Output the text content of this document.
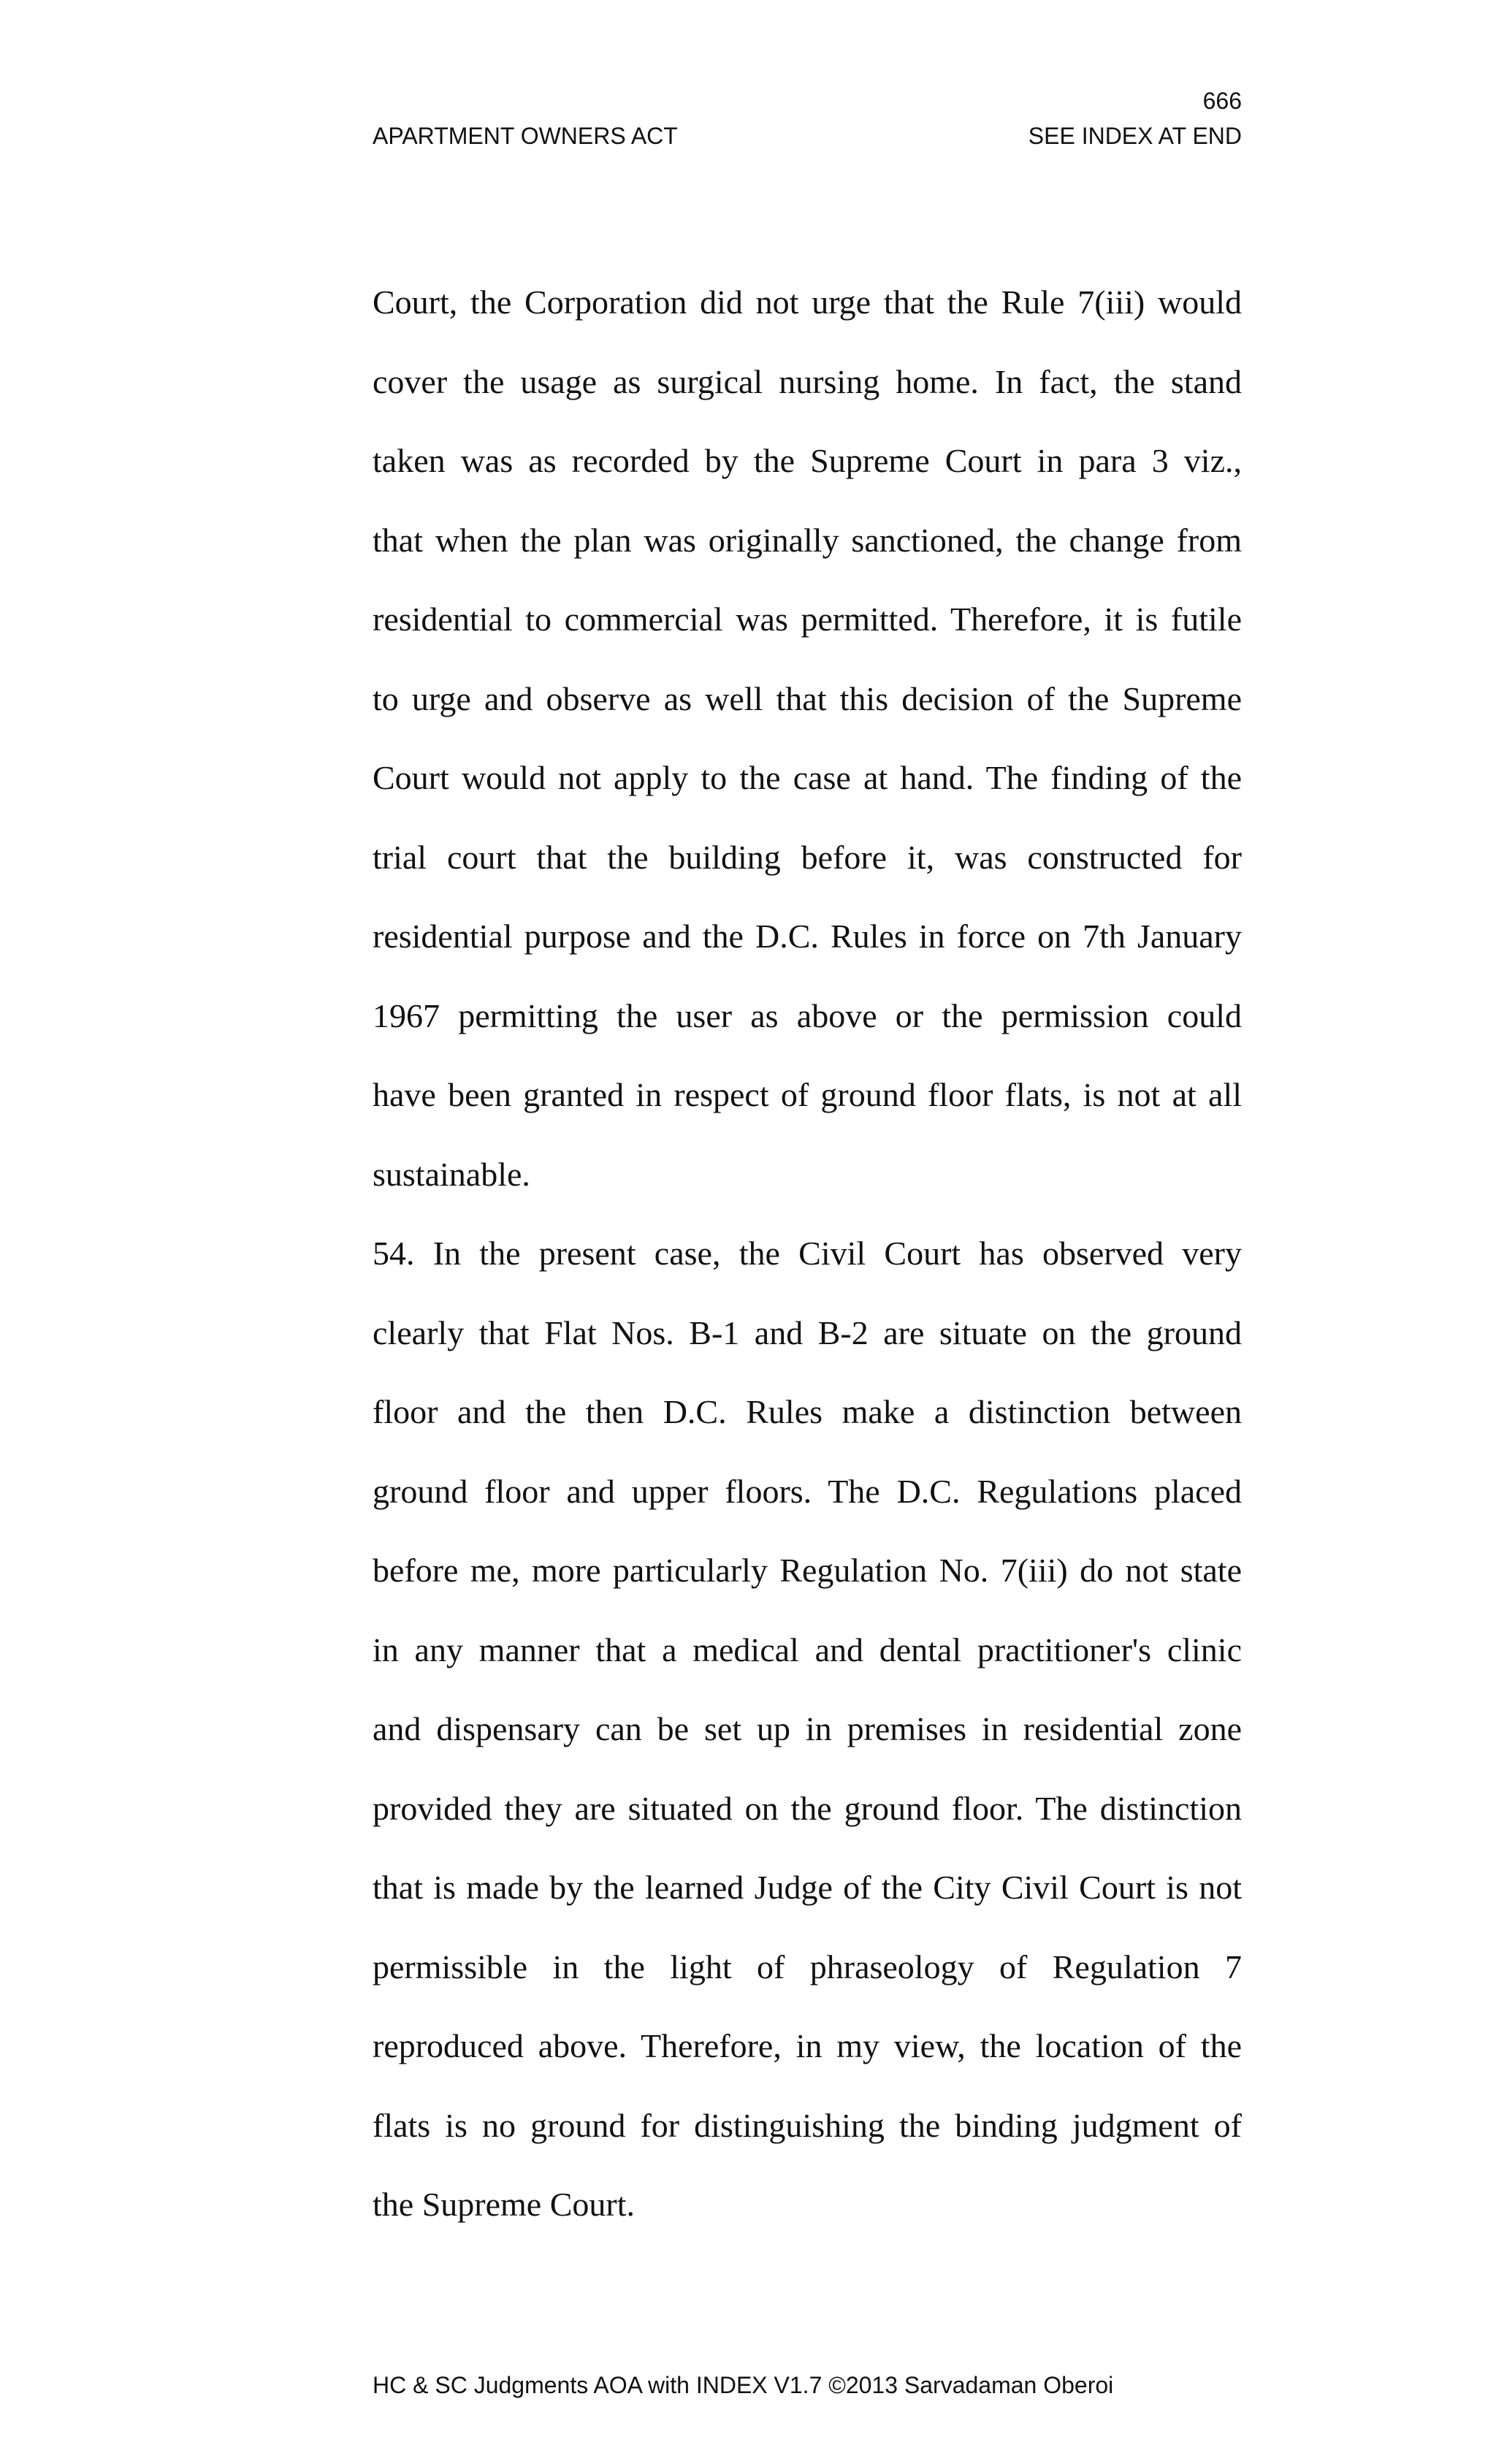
666
APARTMENT OWNERS ACT	SEE INDEX AT END
Court, the Corporation did not urge that the Rule 7(iii) would
cover the usage as surgical nursing home. In fact, the stand
taken was as recorded by the Supreme Court in para 3 viz.,
that when the plan was originally sanctioned, the change from
residential to commercial was permitted. Therefore, it is futile
to urge and observe as well that this decision of the Supreme
Court would not apply to the case at hand. The finding of the
trial court that the building before it, was constructed for
residential purpose and the D.C. Rules in force on 7th January
1967 permitting the user as above or the permission could
have been granted in respect of ground floor flats, is not at all
sustainable.
54. In the present case, the Civil Court has observed very
clearly that Flat Nos. B-1 and B-2 are situate on the ground
floor and the then D.C. Rules make a distinction between
ground floor and upper floors. The D.C. Regulations placed
before me, more particularly Regulation No. 7(iii) do not state
in any manner that a medical and dental practitioner's clinic
and dispensary can be set up in premises in residential zone
provided they are situated on the ground floor. The distinction
that is made by the learned Judge of the City Civil Court is not
permissible in the light of phraseology of Regulation 7
reproduced above. Therefore, in my view, the location of the
flats is no ground for distinguishing the binding judgment of
the Supreme Court.
HC & SC Judgments AOA with INDEX V1.7 ©2013 Sarvadaman Oberoi
